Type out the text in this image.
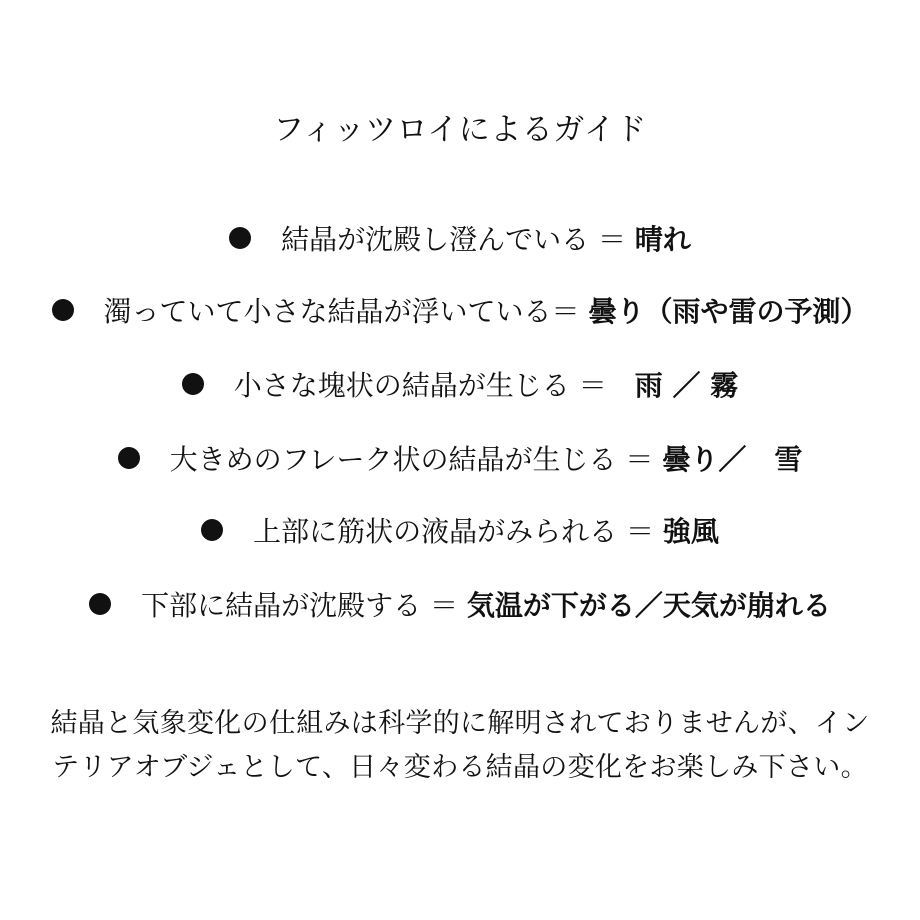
フィッツロイによるガイド
結晶が沈殿し澄んでいる ＝ 晴れ
濁っていて小さな結晶が浮いている＝ 曇り（雨や雷の予測）
小さな塊状の結晶が生じる ＝　雨 ／ 霧
大きめのフレーク状の結晶が生じる ＝ 曇り／　雪
上部に筋状の液晶がみられる ＝ 強風
下部に結晶が沈殿する ＝ 気温が下がる／天気が崩れる
結晶と気象変化の仕組みは科学的に解明されておりませんが、イン
テリアオブジェとして、日々変わる結晶の変化をお楽しみ下さい。
